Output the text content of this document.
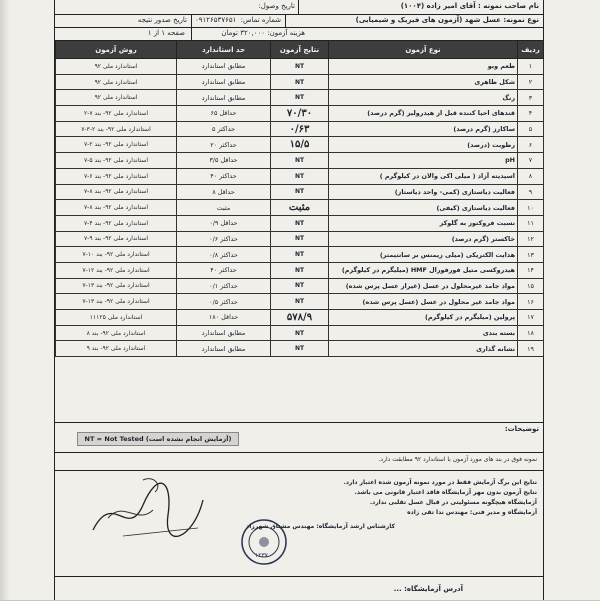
نام صاحب نمونه : آقای امیر زاده (۱۰۰۴)
تاریخ وصول:
نوع نمونه: عسل شهد (آزمون های فیزیک و شیمیایی)
شماره تماس:
۰۹۱۲۶۵۳۷۶۵۱
تاریخ صدور نتیجه
هزینه آزمون: ۳۲۰,۰۰۰ تومان
صفحه ۱ از ۱
ردیف	نوع آزمون	نتایج آزمون	حد استاندارد	روش آزمون
۱	طعم وبو	NT	مطابق استاندارد	استاندارد ملی ۹۲
۲	شکل ظاهری	NT	مطابق استاندارد	استاندارد ملی ۹۲
۳	رنگ	NT	مطابق استاندارد	استاندارد ملی ۹۲
۴	قندهای احیا کننده قبل از هیدرولیز (گرم درصد)	۷۰/۳۰	حداقل ۶۵	استاندارد ملی ۹۲- بند ۷-۲
۵	ساکارز (گرم درصد)	۰/۶۳	حداکثر ۵	استاندارد ملی ۹۲- بند ۲-۳-۷
۶	رطوبت (درصد)	۱۵/۵	حداکثر ۲۰	استاندارد ملی ۹۲- بند ۲-۷
۷	pH	NT	حداقل ۳/۵	استاندارد ملی ۹۲- بند ۵-۷
۸	اسیدیته آزاد ( میلی اکی والان در کیلوگرم )	NT	حداکثر ۴۰	استاندارد ملی ۹۲- بند ۶-۷
۹	فعالیت دیاستازی (کمی- واحد دیاستاز)	NT	حداقل ۸	استاندارد ملی ۹۲- بند ۸-۷
۱۰	فعالیت دیاستازی (کیفی)	مثبت	مثبت	استاندارد ملی ۹۲- بند ۸-۷
۱۱	نسبت فروکتوز به گلوکز	NT	حداقل ۰/۹	استاندارد ملی ۹۲- بند ۴-۷
۱۲	خاکستر (گرم درصد)	NT	حداکثر ۰/۶	استاندارد ملی ۹۲- بند ۹-۷
۱۳	هدایت الکتریکی (میلی زیمنس بر سانتیمتر)	NT	حداکثر ۰/۸	استاندارد ملی ۹۲- بند ۱۰-۷
۱۴	هیدروکسی متیل فورفورال HMF (میلیگرم در کیلوگرم)	NT	حداکثر ۴۰	استاندارد ملی ۹۲- بند ۱۲-۷
۱۵	مواد جامد غیرمحلول در عسل (غیراز عسل پرس شده)	NT	حداکثر ۰/۱	استاندارد ملی ۹۲- بند ۱۳-۷
۱۶	مواد جامد غیر محلول در عسل (عسل پرس شده)	NT	حداکثر ۰/۵	استاندارد ملی ۹۲- بند ۱۳-۷
۱۷	پرولین (میلیگرم در کیلوگرم)	۵۷۸/۹	حداقل ۱۸۰	استاندارد ملی ۱۱۱۲۵
۱۸	بسته بندی	NT	مطابق استاندارد	استاندارد ملی ۹۲- بند ۸
۱۹	نشانه گذاری	NT	مطابق استاندارد	استاندارد ملی ۹۲- بند ۹
توضیحات:
NT = Not Tested (آزمایش انجام نشده است)
نمونه فوق در بند های مورد آزمون با استاندارد ۹۲ مطابقت دارد.
نتایج این برگ آزمایش فقط در مورد نمونه آزمون شده اعتبار دارد.
نتایج آزمون بدون مهر آزمایشگاه فاقد اعتبار قانونی می باشد.
آزمایشگاه هیچگونه مسئولیتی در قبال عسل تقلبی ندارد.
آزمایشگاه و مدیر فنی: مهندس ندا تقی زاده
کارشناس ارشد آزمایشگاه: مهندس مشتاق شهرزاد
۱۲۳۷
آدرس آزمایشگاه: ...
